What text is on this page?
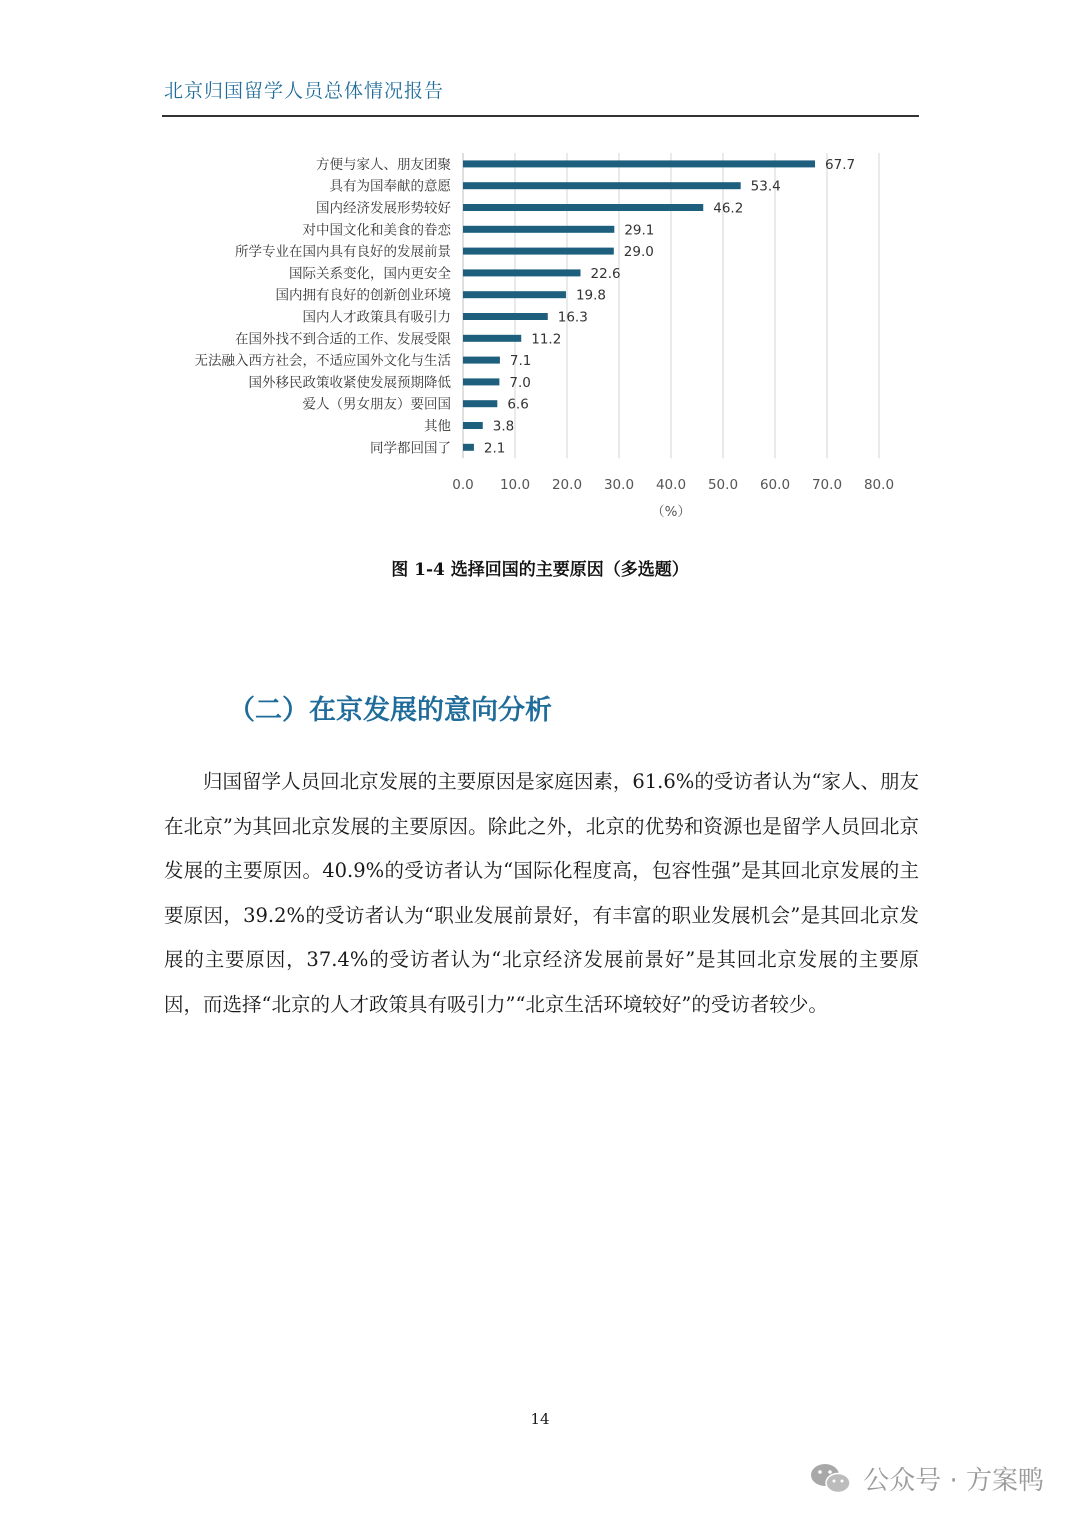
北京归国留学人员总体情况报告
0.0 10.0 20.0 30.0 40.0 50.0 60.0 70.0 80.0
（%）
方便与家人、朋友团聚	67.7
具有为国奉献的意愿	53.4
国内经济发展形势较好	46.2
对中国文化和美食的眷恋	29.1
所学专业在国内具有良好的发展前景	29.0
国际关系变化，国内更安全	22.6
国内拥有良好的创新创业环境	19.8
国内人才政策具有吸引力	16.3
在国外找不到合适的工作、发展受限	11.2
无法融入西方社会，不适应国外文化与生活	7.1
国外移民政策收紧使发展预期降低	7.0
爱人（男女朋友）要回国	6.6
其他	3.8
同学都回国了 2.1
图 1-4 选择回国的主要原因（多选题）
（二）在京发展的意向分析
归国留学人员回北京发展的主要原因是家庭因素，61.6%的受访者认为“家人、朋友在北京”为其回北京发展的主要原因。除此之外，北京的优势和资源也是留学人员回北京发展的主要原因。40.9%的受访者认为“国际化程度高，包容性强”是其回北京发展的主要原因，39.2%的受访者认为“职业发展前景好，有丰富的职业发展机会”是其回北京发展的主要原因，37.4%的受访者认为“北京经济发展前景好”是其回北京发展的主要原因，而选择“北京的人才政策具有吸引力”“北京生活环境较好”的受访者较少。
14
公众号 · 方案鸭
